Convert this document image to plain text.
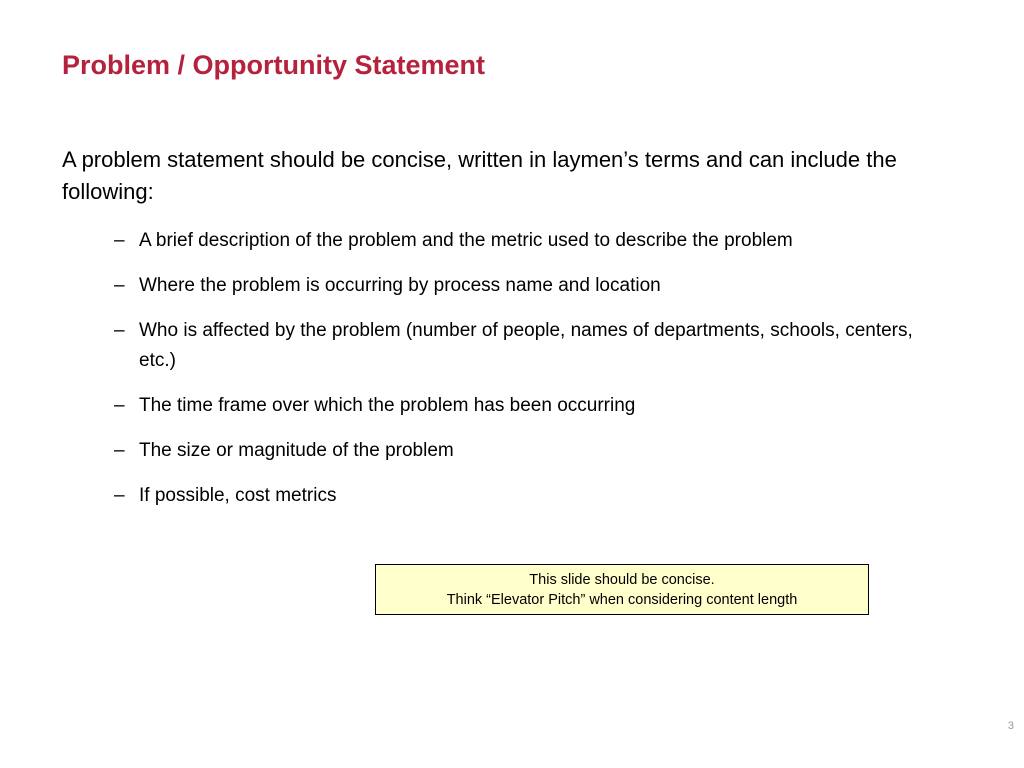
Problem / Opportunity Statement

A problem statement should be concise, written in laymen’s terms and can include the following:

– A brief description of the problem and the metric used to describe the problem
– Where the problem is occurring by process name and location
– Who is affected by the problem (number of people, names of departments, schools, centers, etc.)
– The time frame over which the problem has been occurring
– The size or magnitude of the problem
– If possible, cost metrics
This slide should be concise.
Think “Elevator Pitch” when considering content length
3
